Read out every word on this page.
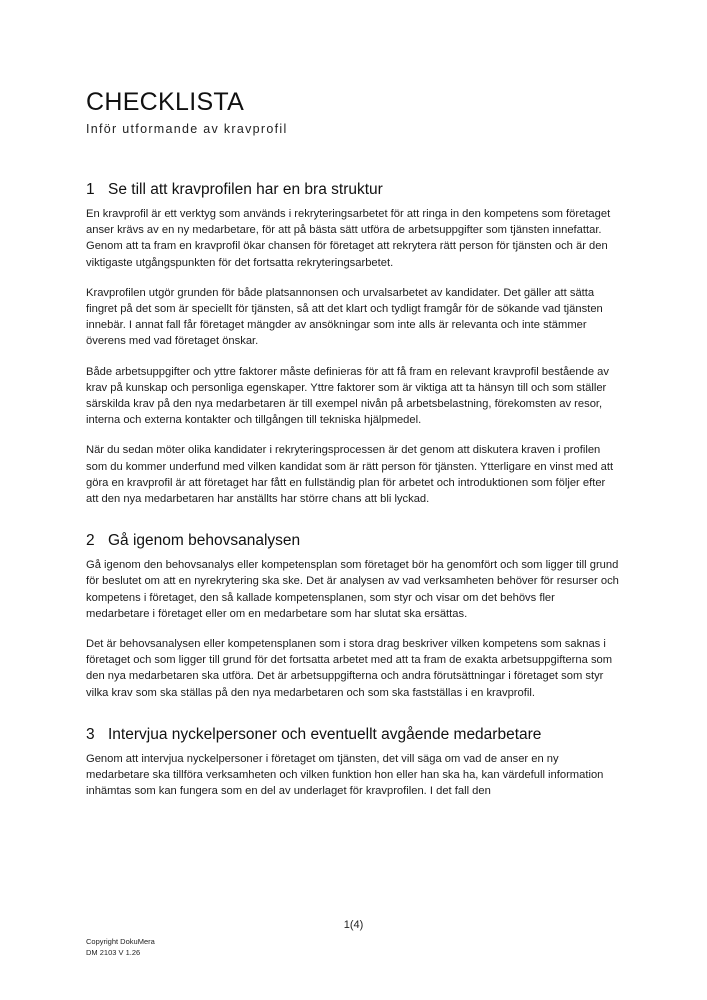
CHECKLISTA
Inför utformande av kravprofil
1 Se till att kravprofilen har en bra struktur

En kravprofil är ett verktyg som används i rekryteringsarbetet för att ringa in den kompetens som företaget anser krävs av en ny medarbetare, för att på bästa sätt utföra de arbetsuppgifter som tjänsten innefattar. Genom att ta fram en kravprofil ökar chansen för företaget att rekrytera rätt person för tjänsten och är den viktigaste utgångspunkten för det fortsatta rekryteringsarbetet.

Kravprofilen utgör grunden för både platsannonsen och urvalsarbetet av kandidater. Det gäller att sätta fingret på det som är speciellt för tjänsten, så att det klart och tydligt framgår för de sökande vad tjänsten innebär. I annat fall får företaget mängder av ansökningar som inte alls är relevanta och inte stämmer överens med vad företaget önskar.

Både arbetsuppgifter och yttre faktorer måste definieras för att få fram en relevant kravprofil bestående av krav på kunskap och personliga egenskaper. Yttre faktorer som är viktiga att ta hänsyn till och som ställer särskilda krav på den nya medarbetaren är till exempel nivån på arbetsbelastning, förekomsten av resor, interna och externa kontakter och tillgången till tekniska hjälpmedel.

När du sedan möter olika kandidater i rekryteringsprocessen är det genom att diskutera kraven i profilen som du kommer underfund med vilken kandidat som är rätt person för tjänsten. Ytterligare en vinst med att göra en kravprofil är att företaget har fått en fullständig plan för arbetet och introduktionen som följer efter att den nya medarbetaren har anställts har större chans att bli lyckad.

2 Gå igenom behovsanalysen

Gå igenom den behovsanalys eller kompetensplan som företaget bör ha genomfört och som ligger till grund för beslutet om att en nyrekrytering ska ske. Det är analysen av vad verksamheten behöver för resurser och kompetens i företaget, den så kallade kompetensplanen, som styr och visar om det behövs fler medarbetare i företaget eller om en medarbetare som har slutat ska ersättas.

Det är behovsanalysen eller kompetensplanen som i stora drag beskriver vilken kompetens som saknas i företaget och som ligger till grund för det fortsatta arbetet med att ta fram de exakta arbetsuppgifterna som den nya medarbetaren ska utföra. Det är arbetsuppgifterna och andra förutsättningar i företaget som styr vilka krav som ska ställas på den nya medarbetaren och som ska fastställas i en kravprofil.

3 Intervjua nyckelpersoner och eventuellt avgående medarbetare

Genom att intervjua nyckelpersoner i företaget om tjänsten, det vill säga om vad de anser en ny medarbetare ska tillföra verksamheten och vilken funktion hon eller han ska ha, kan värdefull information inhämtas som kan fungera som en del av underlaget för kravprofilen. I det fall den

1(4)
Copyright DokuMera
DM 2103 V 1.26
